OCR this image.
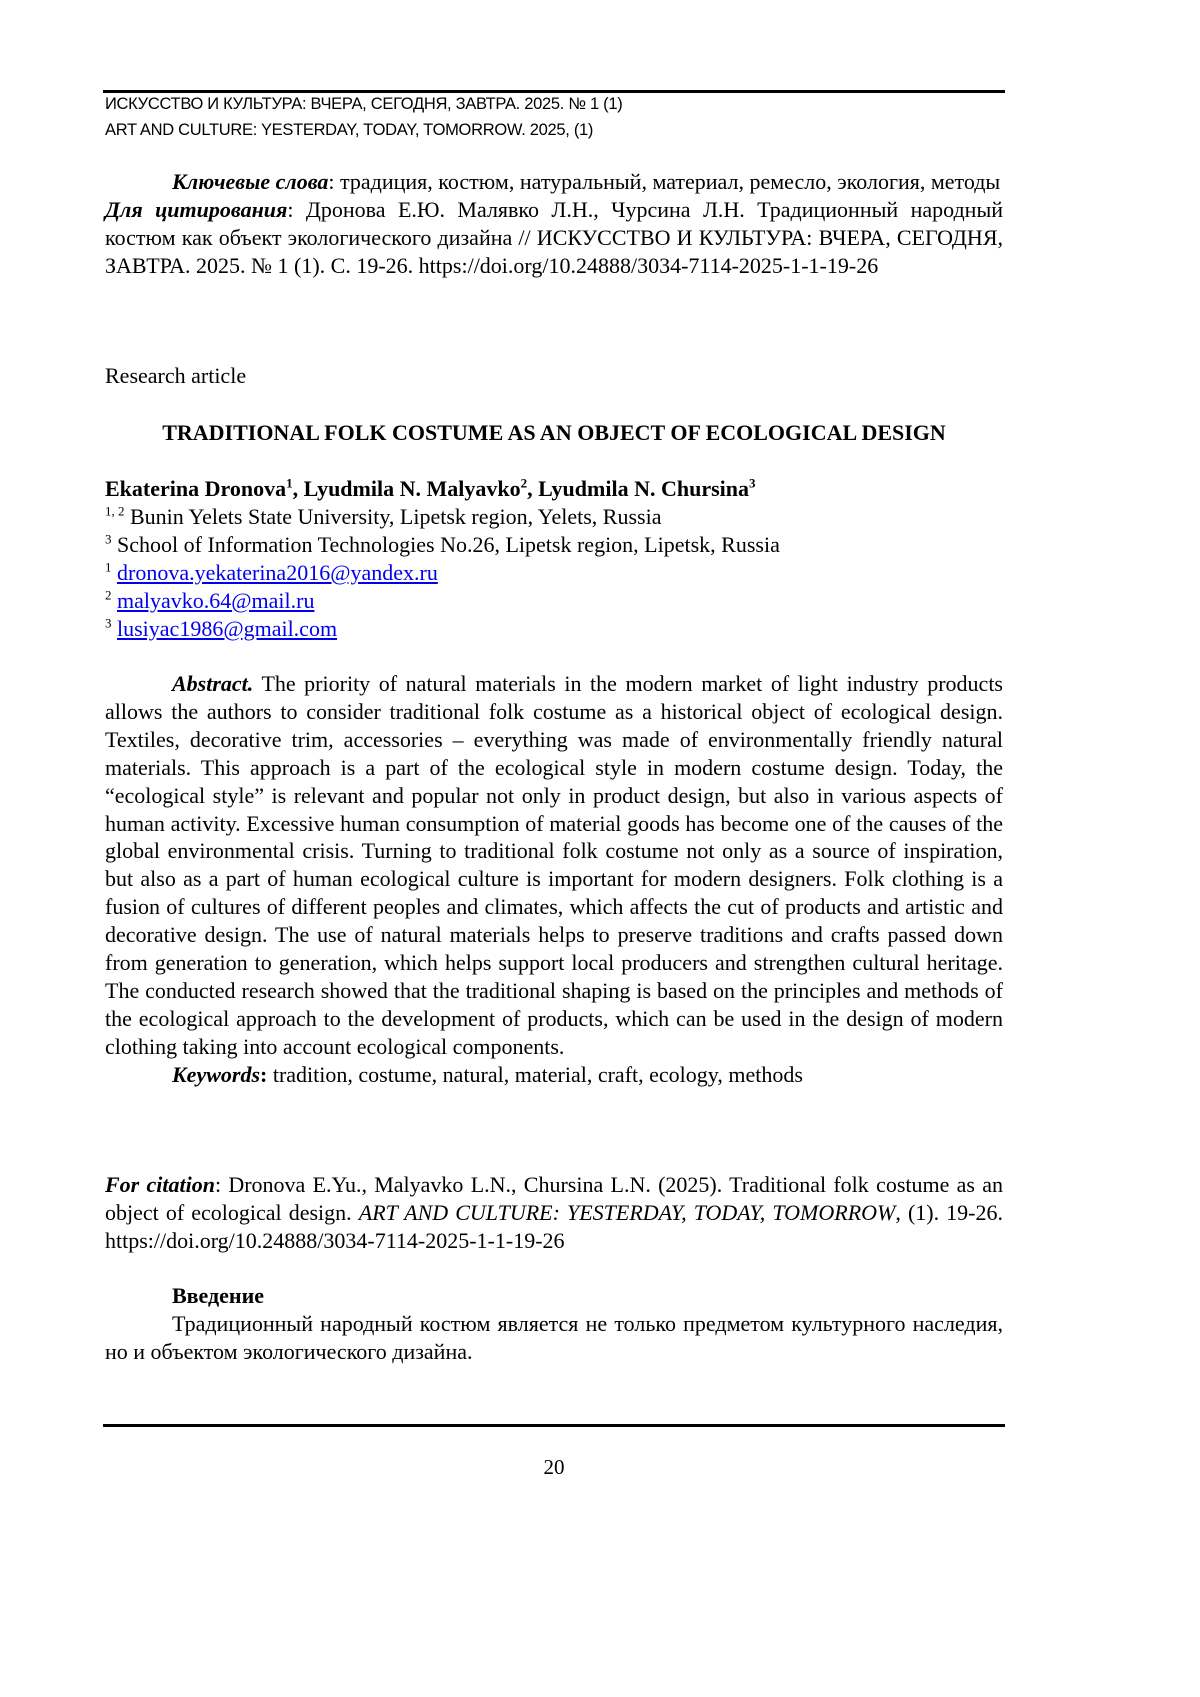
ИСКУССТВО И КУЛЬТУРА: ВЧЕРА, СЕГОДНЯ, ЗАВТРА. 2025. № 1 (1)
ART AND CULTURE: YESTERDAY, TODAY, TOMORROW. 2025, (1)

Ключевые слова: традиция, костюм, натуральный, материал, ремесло, экология, методы

Для цитирования: Дронова Е.Ю. Малявко Л.Н., Чурсина Л.Н. Традиционный народный костюм как объект экологического дизайна // ИСКУССТВО И КУЛЬТУРА: ВЧЕРА, СЕГОДНЯ, ЗАВТРА. 2025. № 1 (1). С. 19-26. https://doi.org/10.24888/3034-7114-2025-1-1-19-26

Research article
TRADITIONAL FOLK COSTUME AS AN OBJECT OF ECOLOGICAL DESIGN
Ekaterina Dronova1, Lyudmila N. Malyavko2, Lyudmila N. Chursina3
1, 2 Bunin Yelets State University, Lipetsk region, Yelets, Russia
3 School of Information Technologies No.26, Lipetsk region, Lipetsk, Russia
1 dronova.yekaterina2016@yandex.ru
2 malyavko.64@mail.ru
3 lusiyac1986@gmail.com

Abstract. The priority of natural materials in the modern market of light industry products allows the authors to consider traditional folk costume as a historical object of ecological design. Textiles, decorative trim, accessories – everything was made of environmentally friendly natural materials. This approach is a part of the ecological style in modern costume design. Today, the “ecological style” is relevant and popular not only in product design, but also in various aspects of human activity. Excessive human consumption of material goods has become one of the causes of the global environmental crisis. Turning to traditional folk costume not only as a source of inspiration, but also as a part of human ecological culture is important for modern designers. Folk clothing is a fusion of cultures of different peoples and climates, which affects the cut of products and artistic and decorative design. The use of natural materials helps to preserve traditions and crafts passed down from generation to generation, which helps support local producers and strengthen cultural heritage. The conducted research showed that the traditional shaping is based on the principles and methods of the ecological approach to the development of products, which can be used in the design of modern clothing taking into account ecological components.

Keywords: tradition, costume, natural, material, craft, ecology, methods

For citation: Dronova E.Yu., Malyavko L.N., Chursina L.N. (2025). Traditional folk costume as an object of ecological design. ART AND CULTURE: YESTERDAY, TODAY, TOMORROW, (1). 19-26. https://doi.org/10.24888/3034-7114-2025-1-1-19-26

Введение

Традиционный народный костюм является не только предметом культурного наследия, но и объектом экологического дизайна.

20
